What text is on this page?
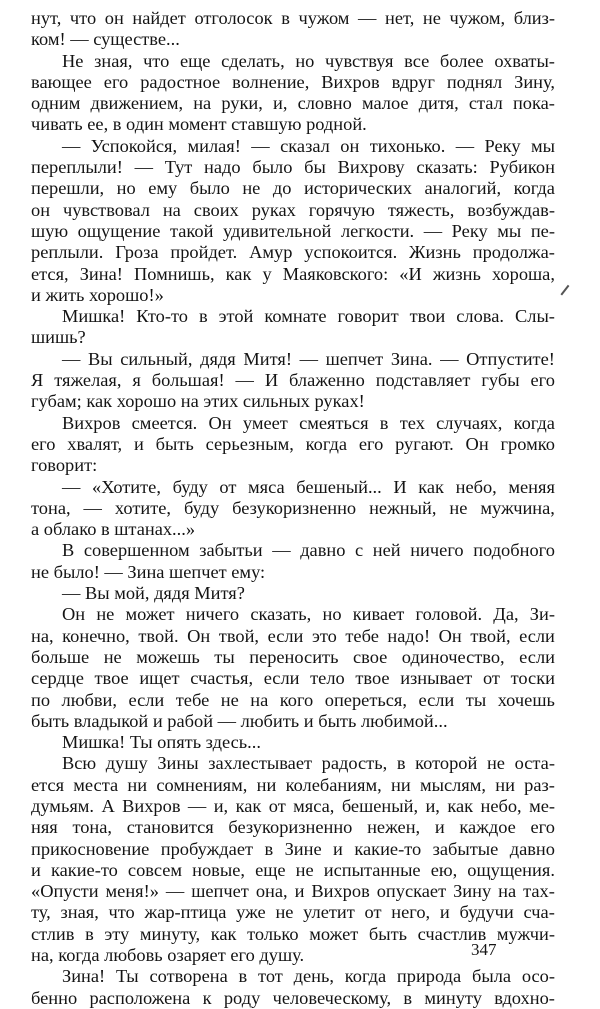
нут, что он найдет отголосок в чужом — нет, не чужом, близ-
ком! — существе...
Не зная, что еще сделать, но чувствуя все более охваты-
вающее его радостное волнение, Вихров вдруг поднял Зину,
одним движением, на руки, и, словно малое дитя, стал пока-
чивать ее, в один момент ставшую родной.
— Успокойся, милая! — сказал он тихонько. — Реку мы
переплыли! — Тут надо было бы Вихрову сказать: Рубикон
перешли, но ему было не до исторических аналогий, когда
он чувствовал на своих руках горячую тяжесть, возбуждав-
шую ощущение такой удивительной легкости. — Реку мы пе-
реплыли. Гроза пройдет. Амур успокоится. Жизнь продолжа-
ется, Зина! Помнишь, как у Маяковского: «И жизнь хороша,
и жить хорошо!»
Мишка! Кто-то в этой комнате говорит твои слова. Слы-
шишь?
— Вы сильный, дядя Митя! — шепчет Зина. — Отпустите!
Я тяжелая, я большая! — И блаженно подставляет губы его
губам; как хорошо на этих сильных руках!
Вихров смеется. Он умеет смеяться в тех случаях, когда
его хвалят, и быть серьезным, когда его ругают. Он громко
говорит:
— «Хотите, буду от мяса бешеный... И как небо, меняя
тона, — хотите, буду безукоризненно нежный, не мужчина,
а облако в штанах...»
В совершенном забытьи — давно с ней ничего подобного
не было! — Зина шепчет ему:
— Вы мой, дядя Митя?
Он не может ничего сказать, но кивает головой. Да, Зи-
на, конечно, твой. Он твой, если это тебе надо! Он твой, если
больше не можешь ты переносить свое одиночество, если
сердце твое ищет счастья, если тело твое изнывает от тоски
по любви, если тебе не на кого опереться, если ты хочешь
быть владыкой и рабой — любить и быть любимой...
Мишка! Ты опять здесь...
Всю душу Зины захлестывает радость, в которой не оста-
ется места ни сомнениям, ни колебаниям, ни мыслям, ни раз-
думьям. А Вихров — и, как от мяса, бешеный, и, как небо, ме-
няя тона, становится безукоризненно нежен, и каждое его
прикосновение пробуждает в Зине и какие-то забытые давно
и какие-то совсем новые, еще не испытанные ею, ощущения.
«Опусти меня!» — шепчет она, и Вихров опускает Зину на тах-
ту, зная, что жар-птица уже не улетит от него, и будучи сча-
стлив в эту минуту, как только может быть счастлив мужчи-
на, когда любовь озаряет его душу.
Зина! Ты сотворена в тот день, когда природа была осо-
бенно расположена к роду человеческому, в минуту вдохно-
347
